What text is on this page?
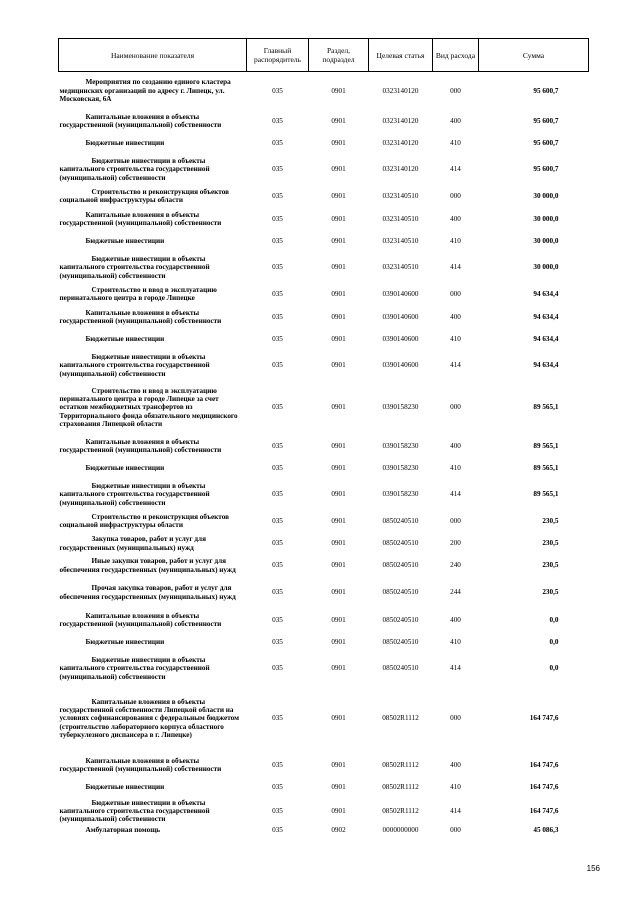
Наименование показателя	Главный распорядитель	Раздел, подраздел	Целевая статья	Вид расхода	Сумма
Мероприятия по созданию единого кластера медицинских организаций по адресу г. Липецк, ул. Московская, 6А	035	0901	0323140120	000	95 600,7
Капитальные вложения в объекты государственной (муниципальной) собственности	035	0901	0323140120	400	95 600,7
Бюджетные инвестиции	035	0901	0323140120	410	95 600,7
Бюджетные инвестиции в объекты капитального строительства государственной (муниципальной) собственности	035	0901	0323140120	414	95 600,7
Строительство и реконструкция объектов социальной инфраструктуры области	035	0901	0323140510	000	30 000,0
Капитальные вложения в объекты государственной (муниципальной) собственности	035	0901	0323140510	400	30 000,0
Бюджетные инвестиции	035	0901	0323140510	410	30 000,0
Бюджетные инвестиции в объекты капитального строительства государственной (муниципальной) собственности	035	0901	0323140510	414	30 000,0
Строительство и ввод в эксплуатацию перинатального центра в городе Липецке	035	0901	0390140600	000	94 634,4
Капитальные вложения в объекты государственной (муниципальной) собственности	035	0901	0390140600	400	94 634,4
Бюджетные инвестиции	035	0901	0390140600	410	94 634,4
Бюджетные инвестиции в объекты капитального строительства государственной (муниципальной) собственности	035	0901	0390140600	414	94 634,4
Строительство и ввод в эксплуатацию перинатального центра в городе Липецке за счет остатков межбюджетных трансфертов из Территориального фонда обязательного медицинского страхования Липецкой области	035	0901	0390158230	000	89 565,1
Капитальные вложения в объекты государственной (муниципальной) собственности	035	0901	0390158230	400	89 565,1
Бюджетные инвестиции	035	0901	0390158230	410	89 565,1
Бюджетные инвестиции в объекты капитального строительства государственной (муниципальной) собственности	035	0901	0390158230	414	89 565,1
Строительство и реконструкция объектов социальной инфраструктуры области	035	0901	0850240510	000	230,5
Закупка товаров, работ и услуг для государственных (муниципальных) нужд	035	0901	0850240510	200	230,5
Иные закупки товаров, работ и услуг для обеспечения государственных (муниципальных) нужд	035	0901	0850240510	240	230,5
Прочая закупка товаров, работ и услуг для обеспечения государственных (муниципальных) нужд	035	0901	0850240510	244	230,5
Капитальные вложения в объекты государственной (муниципальной) собственности	035	0901	0850240510	400	0,0
Бюджетные инвестиции	035	0901	0850240510	410	0,0
Бюджетные инвестиции в объекты капитального строительства государственной (муниципальной) собственности	035	0901	0850240510	414	0,0
Капитальные вложения в объекты государственной собственности Липецкой области на условиях софинансирования с федеральным бюджетом (строительство лабораторного корпуса областного туберкулезного диспансера в г. Липецке)	035	0901	08502R1112	000	164 747,6
Капитальные вложения в объекты государственной (муниципальной) собственности	035	0901	08502R1112	400	164 747,6
Бюджетные инвестиции	035	0901	08502R1112	410	164 747,6
Бюджетные инвестиции в объекты капитального строительства государственной (муниципальной) собственности	035	0901	08502R1112	414	164 747,6
Амбулаторная помощь	035	0902	0000000000	000	45 086,3
156
